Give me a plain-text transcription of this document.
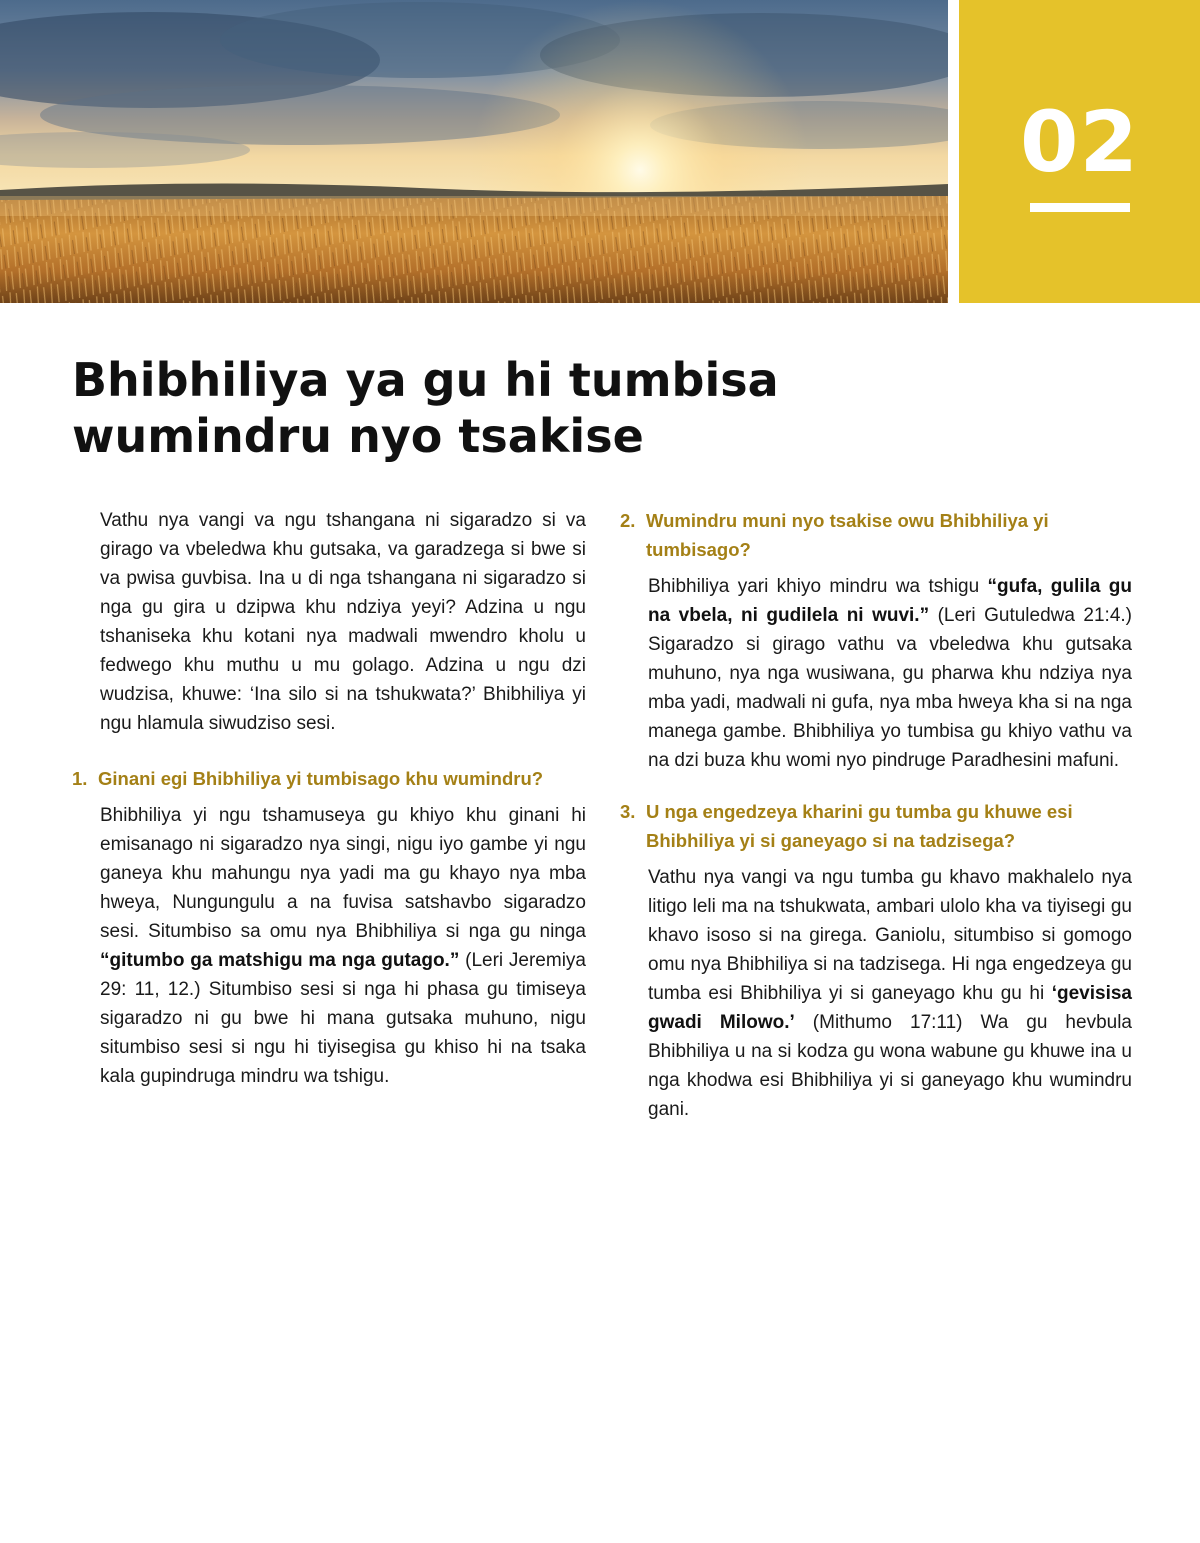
02
Bhibhiliya ya gu hi tumbisa wumindru nyo tsakise

Vathu nya vangi va ngu tshangana ni sigaradzo si va girago va vbeledwa khu gutsaka, va garadzega si bwe si va pwisa guvbisa. Ina u di nga tshangana ni sigaradzo si nga gu gira u dzipwa khu ndziya yeyi? Adzina u ngu tshaniseka khu kotani nya madwali mwendro kholu u fedwego khu muthu u mu golago. Adzina u ngu dzi wudzisa, khuwe: ‘Ina silo si na tshukwata?’ Bhibhiliya yi ngu hlamula siwudziso sesi.

1. Ginani egi Bhibhiliya yi tumbisago khu wumindru?

Bhibhiliya yi ngu tshamuseya gu khiyo khu ginani hi emisanago ni sigaradzo nya singi, nigu iyo gambe yi ngu ganeya khu mahungu nya yadi ma gu khayo nya mba hweya, Nungungulu a na fuvisa satshavbo sigaradzo sesi. Situmbiso sa omu nya Bhibhiliya si nga gu ninga “gitumbo ga matshigu ma nga gutago.” (Leri Jeremiya 29: 11, 12.) Situmbiso sesi si nga hi phasa gu timiseya sigaradzo ni gu bwe hi mana gutsaka muhuno, nigu situmbiso sesi si ngu hi tiyisegisa gu khiso hi na tsaka kala gupindruga mindru wa tshigu.

2. Wumindru muni nyo tsakise owu Bhibhiliya yi tumbisago?

Bhibhiliya yari khiyo mindru wa tshigu “gufa, gulila gu na vbela, ni gudilela ni wuvi.” (Leri Gutuledwa 21:4.) Sigaradzo si girago vathu va vbeledwa khu gutsaka muhuno, nya nga wusiwana, gu pharwa khu ndziya nya mba yadi, madwali ni gufa, nya mba hweya kha si na nga manega gambe. Bhibhiliya yo tumbisa gu khiyo vathu va na dzi buza khu womi nyo pindruge Paradhesini mafuni.

3. U nga engedzeya kharini gu tumba gu khuwe esi Bhibhiliya yi si ganeyago si na tadzisega?

Vathu nya vangi va ngu tumba gu khavo makhalelo nya litigo leli ma na tshukwata, ambari ulolo kha va tiyisegi gu khavo isoso si na girega. Ganiolu, situmbiso si gomogo omu nya Bhibhiliya si na tadzisega. Hi nga engedzeya gu tumba esi Bhibhiliya yi si ganeyago khu gu hi ‘gevisisa gwadi Milowo.’ (Mithumo 17:11) Wa gu hevbula Bhibhiliya u na si kodza gu wona wabune gu khuwe ina u nga khodwa esi Bhibhiliya yi si ganeyago khu wumindru gani.
